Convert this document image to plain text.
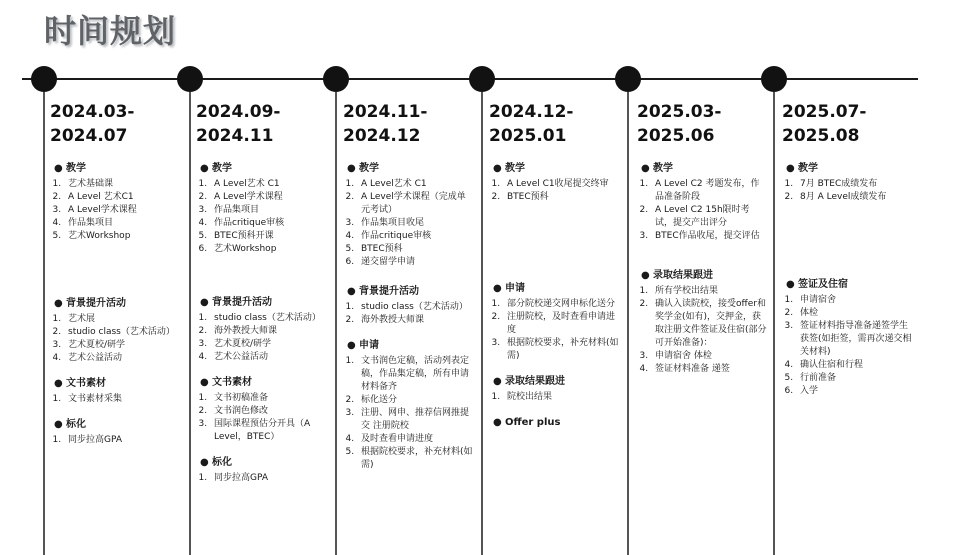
时间规划
2024.03-
2024.07
● 教学
1. 艺术基础课
2. A Level 艺术C1
3. A Level学术课程
4. 作品集项目
5. 艺术Workshop
● 背景提升活动
1. 艺术展
2. studio class（艺术活动）
3. 艺术夏校/研学
4. 艺术公益活动
● 文书素材
1. 文书素材采集
● 标化
1. 同步拉高GPA
2024.09-
2024.11
● 教学
1. A Level艺术 C1
2. A Level学术课程
3. 作品集项目
4. 作品critique审核
5. BTEC预科开课
6. 艺术Workshop
● 背景提升活动
1. studio class（艺术活动）
2. 海外教授大师课
3. 艺术夏校/研学
4. 艺术公益活动
● 文书素材
1. 文书初稿准备
2. 文书润色修改
3. 国际课程预估分开具（A Level，BTEC）
● 标化
1. 同步拉高GPA
2024.11-
2024.12
● 教学
1. A Level艺术 C1
2. A Level学术课程（完成单元考试）
3. 作品集项目收尾
4. 作品critique审核
5. BTEC预科
6. 递交留学申请
● 背景提升活动
1. studio class（艺术活动）
2. 海外教授大师课
● 申请
1. 文书润色定稿，活动列表定稿，作品集定稿，所有申请材料备齐
2. 标化送分
3. 注册、网申、推荐信网推提交 注册院校
4. 及时查看申请进度
5. 根据院校要求，补充材料(如需)
2024.12-
2025.01
● 教学
1. A Level C1收尾提交终审
2. BTEC预科
● 申请
1. 部分院校递交网申标化送分
2. 注册院校，及时查看申请进度
3. 根据院校要求，补充材料(如需)
● 录取结果跟进
1. 院校出结果
● Offer plus
2025.03-
2025.06
● 教学
1. A Level C2 考题发布，作品准备阶段
2. A Level C2 15h限时考试，提交产出评分
3. BTEC作品收尾，提交评估
● 录取结果跟进
1. 所有学校出结果
2. 确认入读院校，接受offer和奖学金(如有)，交押金，获取注册文件签证及住宿(部分可开始准备)：
3. 申请宿舍 体检
4. 签证材料准备 递签
2025.07-
2025.08
● 教学
1. 7月 BTEC成绩发布
2. 8月 A Level成绩发布
● 签证及住宿
1. 申请宿舍
2. 体检
3. 签证材料指导准备递签学生获签(如拒签，需再次递交相关材料)
4. 确认住宿和行程
5. 行前准备
6. 入学
